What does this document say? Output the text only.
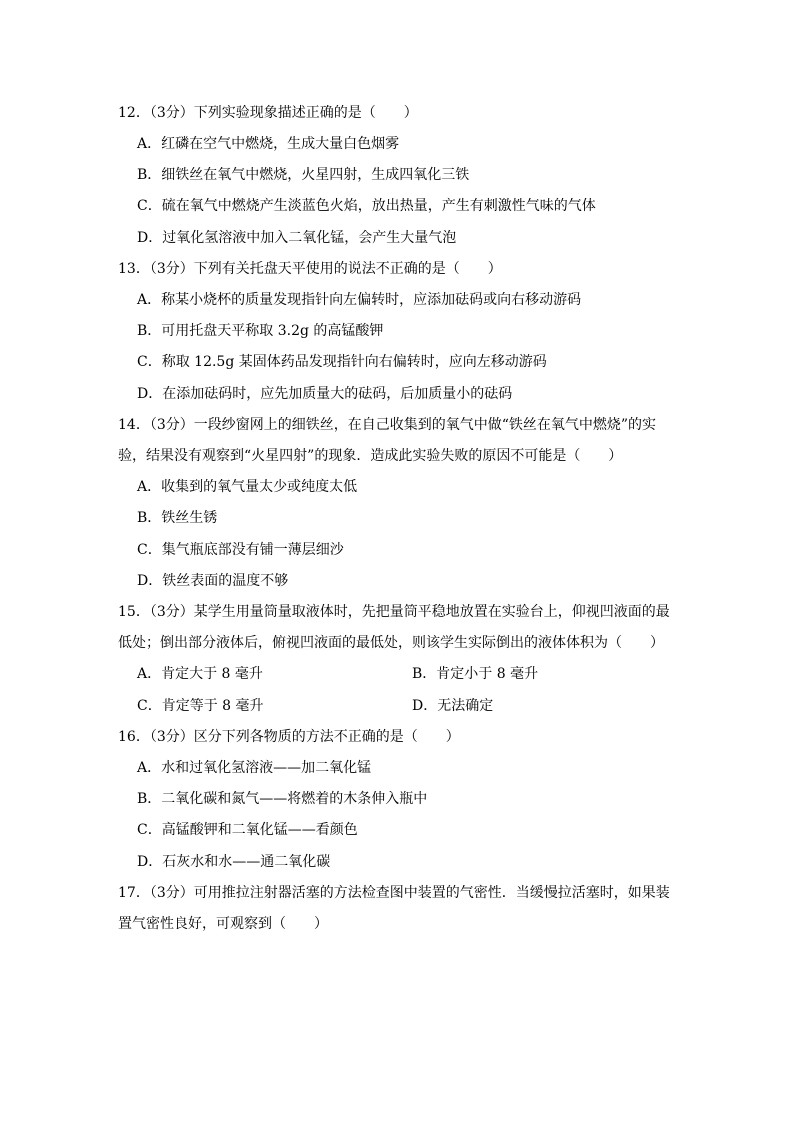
12．（3分）下列实验现象描述正确的是（　　）
A．红磷在空气中燃烧，生成大量白色烟雾
B．细铁丝在氧气中燃烧，火星四射，生成四氧化三铁
C．硫在氧气中燃烧产生淡蓝色火焰，放出热量，产生有刺激性气味的气体
D．过氧化氢溶液中加入二氧化锰，会产生大量气泡
13．（3分）下列有关托盘天平使用的说法不正确的是（　　）
A．称某小烧杯的质量发现指针向左偏转时，应添加砝码或向右移动游码
B．可用托盘天平称取 3.2g 的高锰酸钾
C．称取 12.5g 某固体药品发现指针向右偏转时，应向左移动游码
D．在添加砝码时，应先加质量大的砝码，后加质量小的砝码
14．（3分）一段纱窗网上的细铁丝，在自己收集到的氧气中做“铁丝在氧气中燃烧”的实
验，结果没有观察到“火星四射”的现象．造成此实验失败的原因不可能是（　　）
A．收集到的氧气量太少或纯度太低
B．铁丝生锈
C．集气瓶底部没有铺一薄层细沙
D．铁丝表面的温度不够
15．（3分）某学生用量筒量取液体时，先把量筒平稳地放置在实验台上，仰视凹液面的最
低处；倒出部分液体后，俯视凹液面的最低处，则该学生实际倒出的液体体积为（　　）
A．肯定大于 8 毫升	B．肯定小于 8 毫升
C．肯定等于 8 毫升	D．无法确定
16．（3分）区分下列各物质的方法不正确的是（　　）
A．水和过氧化氢溶液——加二氧化锰
B．二氧化碳和氮气——将燃着的木条伸入瓶中
C．高锰酸钾和二氧化锰——看颜色
D．石灰水和水——通二氧化碳
17．（3分）可用推拉注射器活塞的方法检查图中装置的气密性．当缓慢拉活塞时，如果装
置气密性良好，可观察到（　　）
